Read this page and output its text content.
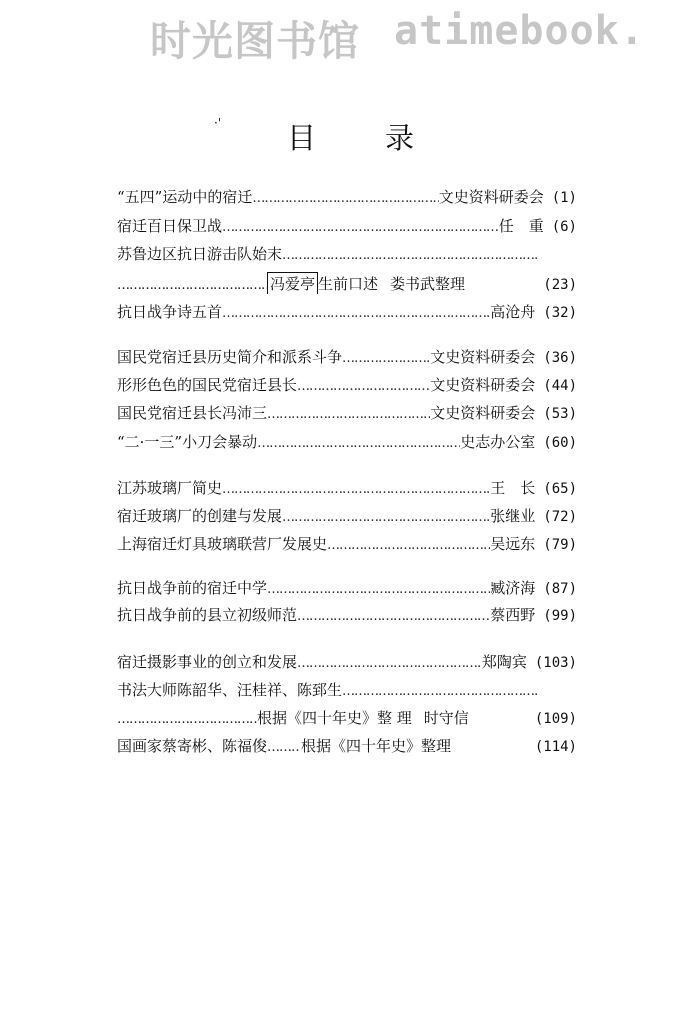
时光图书馆 atimebook.
·' 目 录
“五四”运动中的宿迁 …………………………………………………………………………………………………………………	文史资料研委会 (1)
宿迁百日保卫战 …………………………………………………………………………………………………………………	任　重 (6)
苏鲁边区抗日游击队始末
…………………………………………………………………………………………………………………
………………………………………
冯爱亭 生前口述 娄书武整理	(23)
抗日战争诗五首 …………………………………………………………………………………………………………………	高沧舟 (32)
国民党宿迁县历史简介和派系斗争 …………………………………………………………………………………………………………………	文史资料研委会 (36)
形形色色的国民党宿迁县长 …………………………………………………………………………………………………………………	文史资料研委会 (44)
国民党宿迁县长冯沛三 …………………………………………………………………………………………………………………	文史资料研委会 (53)
“二·一三”小刀会暴动 …………………………………………………………………………………………………………………	史志办公室 (60)
江苏玻璃厂简史 …………………………………………………………………………………………………………………	王　长 (65)
宿迁玻璃厂的创建与发展 …………………………………………………………………………………………………………………	张继业 (72)
上海宿迁灯具玻璃联营厂发展史 …………………………………………………………………………………………………………………	吴远东 (79)
抗日战争前的宿迁中学 …………………………………………………………………………………………………………………	臧济海 (87)
抗日战争前的县立初级师范 …………………………………………………………………………………………………………………	蔡西野 (99)
宿迁摄影事业的创立和发展 …………………………………………………………………………………………………………………	郑陶宾 (103)
书法大师陈韶华、汪桂祥、陈郅生
…………………………………………………………………………………………………………………
………………………………………
根据《四十年史》整 理 时守信	(109)
国画家蔡寄彬、陈福俊 ………………………………………………………………………………………………………………… 根据《四十年史》整理	(114)
